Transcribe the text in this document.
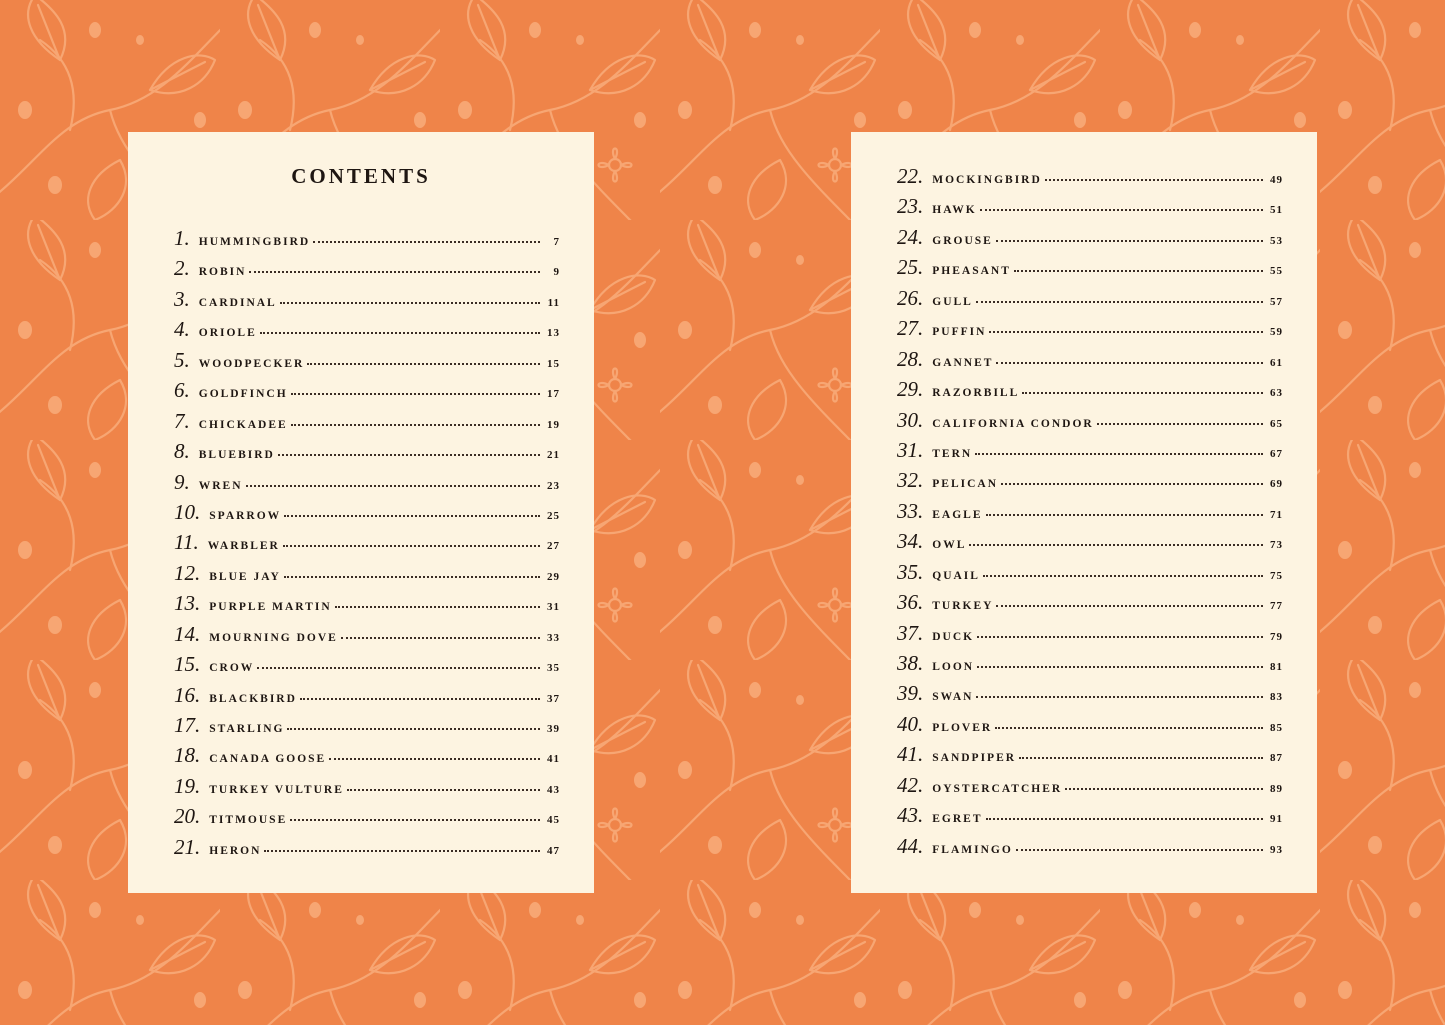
CONTENTS
1. HUMMINGBIRD	7
2. ROBIN	9
3. CARDINAL	11
4. ORIOLE	13
5. WOODPECKER	15
6. GOLDFINCH	17
7. CHICKADEE	19
8. BLUEBIRD	21
9. WREN	23
10. SPARROW	25
11. WARBLER	27
12. BLUE JAY	29
13. PURPLE MARTIN	31
14. MOURNING DOVE	33
15. CROW	35
16. BLACKBIRD	37
17. STARLING	39
18. CANADA GOOSE	41
19. TURKEY VULTURE	43
20. TITMOUSE	45
21. HERON	47
22. MOCKINGBIRD	49
23. HAWK	51
24. GROUSE	53
25. PHEASANT	55
26. GULL	57
27. PUFFIN	59
28. GANNET	61
29. RAZORBILL	63
30. CALIFORNIA CONDOR	65
31. TERN	67
32. PELICAN	69
33. EAGLE	71
34. OWL	73
35. QUAIL	75
36. TURKEY	77
37. DUCK	79
38. LOON	81
39. SWAN	83
40. PLOVER	85
41. SANDPIPER	87
42. OYSTERCATCHER	89
43. EGRET	91
44. FLAMINGO	93
